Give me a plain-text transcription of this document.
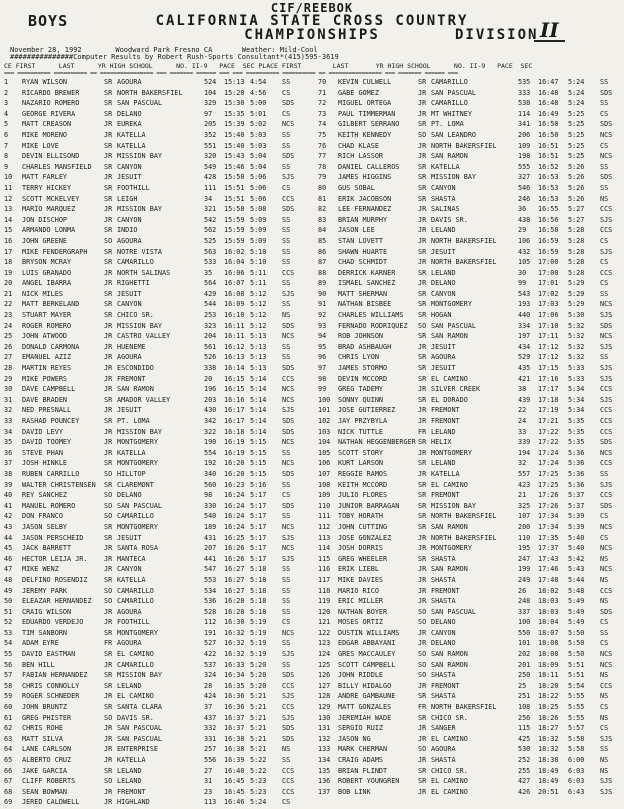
BOYS
CIF/REEBOK
CALIFORNIA STATE CROSS COUNTRY
CHAMPIONSHIPS	DIVISION II
November 28, 1992        Woodward Park Fresno CA       Weather: Mild-Cool
###############Computer Results by Robert Rush-Sports Consultant*(415)595-3619
CE FIRST      LAST      YR HIGH SCHOOL      NO. II-9   PACE  SEC PLACE FIRST        LAST       YR HIGH SCHOOL      NO. II-9   PACE  SEC
=== ========== ========== == ================ === ======= ====== === === ========== ========== == ================ === ======= ====== ===
1 RYAN WILSON	SR AGOURA	524 15:13 4:54 SS
2 RICARDO BREWER	SR NORTH BAKERSFIEL	104 15:20 4:56 CS
3 NAZARIO ROMERO	SR SAN PASCUAL	329 15:30 5:00 SDS
4 GEORGE RIVERA	SR DELANO	97 15:35 5:01 CS
5 MATT CREASON	JR EUREKA	205 15:39 5:02 NCS
6 MIKE MORENO	JR KATELLA	352 15:40 5:03 SS
7 MIKE LOVE	SR KATELLA	551 15:40 5:03 SS
8 DEVIN ELLISOND	JR MISSION BAY	320 15:43 5:04 SDS
9 CHARLES MANSFIELD SR CANYON	549 15:46 5:04 SS
10 MATT FARLEY	JR JESUIT	428 15:50 5:06 SJS
11 TERRY HICKEY	SR FOOTHILL	111 15:51 5:06 CS
12 SCOTT MCKELVEY	SR LEIGH	34 15:51 5:06 CCS
13 MARIO MARQUEZ	JR MISSION BAY	321 15:58 5:08 SDS
14 JON DISCHOP	JR CANYON	542 15:59 5:09 SS
15 ARMANDO LONMA	SR INDIO	562 15:59 5:09 SS
16 JOHN GREENE	SO AGOURA	525 15:59 5:09 SS
17 MIKE FENDERGRAPH SR NOTRE VISTA	563 16:02 5:10 SS
18 BRYSON MCRAY	SR CAMARILLO	533 16:04 5:10 SS
19 LUIS GRANADO	JR NORTH SALINAS	35 16:06 5:11 CCS
20 ANGEL IBARRA	JR RIGHETTI	564 16:07 5:11 SS
21 NICK MILES	SR JESUIT	429 16:08 5:12 SJS
22 MATT BERKELAND	SR CANYON	544 16:09 5:12 SS
23 STUART MAYER	SR CHICO SR.	253 16:10 5:12 NS
24 ROGER ROMERO	JR MISSION BAY	323 16:11 5:12 SDS
25 JOHN ATWOOD	JR CASTRO VALLEY	204 16:11 5:13 NCS
26 DONALD CARMONA	JR HUENEME	561 16:12 5:13 SS
27 EMANUEL AZIZ	JR AGOURA	526 16:13 5:13 SS
28 MARTIN REYES	JR ESCONDIDO	338 16:14 5:13 SDS
29 MIKE POWERS	JR FREMONT	20 16:15 5:14 CCS
30 DAVE CAMPBELL	JR SAN RAMON	196 16:15 5:14 NCS
31 DAVE BRADEN	SR AMADOR VALLEY	203 16:16 5:14 NCS
32 NED PRESNALL	JR JESUIT	430 16:17 5:14 SJS
33 RASHAD POUNCEY	SR PT. LOMA	342 16:17 5:14 SDS
34 DAVID LEVY	JR MISSION BAY	322 16:18 5:14 SDS
35 DAVID TOOMEY	JR MONTGOMERY	190 16:19 5:15 NCS
36 STEVE PHAN	JR KATELLA	554 16:19 5:15 SS
37 JOSH HINKLE	SR MONTGOMERY	192 16:20 5:15 NCS
38 RUBEN CARRILLO	SO HILLTOP	340 16:20 5:15 SDS
39 WALTER CHRISTENSEN SR CLAREMONT	560 16:23 5:16 SS
40 REY SANCHEZ	SO DELANO	98 16:24 5:17 CS
41 MANUEL ROMERO	SO SAN PASCUAL	330 16:24 5:17 SDS
42 DON FRANCO	SO CAMARILLO	540 16:24 5:17 SS
43 JASON SELBY	SR MONTGOMERY	189 16:24 5:17 NCS
44 JASON PERSCHEID	SR JESUIT	431 16:25 5:17 SJS
45 JACK BARRETT	JR SANTA ROSA	207 16:26 5:17 NCS
46 HECTOR LEIJA JR. JR MANTECA	441 16:26 5:17 SJS
47 MIKE WENZ	JR CANYON	547 16:27 5:18 SS
48 DELFINO ROSENDIZ SR KATELLA	553 16:27 5:18 SS
49 JEREMY PARK	SO CAMARILLO	534 16:27 5:18 SS
50 ELEAZAR HERNANDEZ SO CAMARILLO	536 16:28 5:18 SS
51 CRAIG WILSON	JR AGOURA	528 16:28 5:18 SS
52 EDUARDO VERDEJO	JR FOOTHILL	112 16:30 5:19 CS
53 TIM SANBORN	SR MONTGOMERY	191 16:32 5:19 NCS
54 ADAM EYRE	FR AGOURA	527 16:32 5:19 SS
55 DAVID EASTMAN	SR EL CAMINO	422 16:32 5:19 SJS
56 BEN HILL	JR CAMARILLO	537 16:33 5:20 SS
57 FABIAN HERNANDEZ SR MISSION BAY	324 16:34 5:20 SDS
58 CHRIS CONNOLLY	SR LELAND	28 16:35 5:20 CCS
59 ROGER SCHNEDER	JR EL CAMINO	424 16:36 5:21 SJS
60 JOHN BRUNTZ	SR SANTA CLARA	37 16:36 5:21 CCS
61 GREG PHISTER	SO DAVIS SR.	437 16:37 5:21 SJS
62 CHRIS ROHE	JR SAN PASCUAL	332 16:37 5:21 SDS
63 MATT SILVA	JR SAN PASCUAL	331 16:38 5:21 SDS
64 LANE CARLSON	JR ENTERPRISE	257 16:38 5:21 NS
65 ALBERTO CRUZ	JR KATELLA	556 16:39 5:22 SS
66 JAKE GARCIA	SR LELAND	27 16:40 5:22 CCS
67 CLIFF ROBERTS	SO LELAND	31 16:45 5:23 CCS
68 SEAN BOWMAN	JR FREMONT	23 16:45 5:23 CCS
69 JERED CALDWELL	JR HIGHLAND	113 16:46 5:24 CS
70 KEVIN CULWELL	SR CAMARILLO	535 16:47 5:24 SS
71 GABE GOMEZ	JR SAN PASCUAL	333 16:48 5:24 SDS
72 MIGUEL ORTEGA	JR CAMARILLO	538 16:48 5:24 SS
73 PAUL TIMMERMAN	JR MT WHITNEY	114 16:49 5:25 CS
74 GILBERT SERRANO	SR PT. LOMA	341 16:50 5:25 SDS
75 KEITH KENNEDY	SO SAN LEANDRO	206 16:50 5:25 NCS
76 CHAD KLASE	JR NORTH BAKERSFIEL	109 16:51 5:25 CS
77 RICH LASSOR	JR SAN RAMON	198 16:51 5:25 NCS
78 DANIEL CALLEROS	SR KATELLA	555 16:52 5:26 SS
79 JAMES HIGGINS	SR MISSION BAY	327 16:53 5:26 SDS
80 GUS SOBAL	SR CANYON	546 16:53 5:26 SS
81 ERIK JACOBSON	SR SHASTA	246 16:53 5:26 NS
82 LEE FERNANDEZ	JR SALINAS	36 16:55 5:27 CCS
83 BRIAN MURPHY	JR DAVIS SR.	438 16:56 5:27 SJS
84 JASON LEE	JR LELAND	29 16:58 5:28 CCS
85 STAN LOVETT	JR NORTH BAKERSFIEL	106 16:59 5:28 CS
86 SHAWN HUARTE	SR JESUIT	432 16:59 5:28 SJS
87 CHAD SCHMIDT	JR NORTH BAKERSFIEL	105 17:00 5:28 CS
88 DERRICK KARNER	SR LELAND	30 17:00 5:28 CCS
89 ISMAEL SANCHEZ	JR DELANO	99 17:01 5:29 CS
90 MATT SHERMAN	SR CANYON	543 17:02 5:29 SS
91 NATHAN BISBEE	SR MONTGOMERY	193 17:03 5:29 NCS
92 CHARLES WILLIAMS SR HOGAN	440 17:06 5:30 SJS
93 FERNADO RODRIQUEZ SO SAN PASCUAL	334 17:10 5:32 SDS
94 ROB JOHNSON	SR SAN RAMON	197 17:11 5:32 NCS
95 BRAD ASHBAUGH	JR JESUIT	434 17:12 5:32 SJS
96 CHRIS LYON	SR AGOURA	529 17:12 5:32 SS
97 JAMES STORMO	SR JESUIT	435 17:15 5:33 SJS
98 DEVIN MCCORD	SR EL CAMINO	421 17:16 5:33 SJS
99 GREG TADEMY	JR SILVER CREEK	38 17:17 5:34 CCS
100 SONNY QUINN	SR EL DORADO	439 17:18 5:34 SJS
101 JOSE GUTIERREZ	JR FREMONT	22 17:19 5:34 CCS
102 JAY PRZYBYLA	JR FREMONT	24 17:21 5:35 CCS
103 NICK TUTTLE	FR LELAND	33 17:22 5:35 CCS
104 NATHAN HEGGENBERGER SR HELIX	339 17:22 5:35 SDS
105 SCOTT STORY	JR MONTGOMERY	194 17:24 5:36 NCS
106 KURT LARSON	SR LELAND	32 17:24 5:36 CCS
107 REGGIE RAMOS	JR KATELLA	557 17:25 5:36 SS
108 KEITH MCCORD	SR EL CAMINO	423 17:25 5:36 SJS
109 JULIO FLORES	SR FREMONT	21 17:26 5:37 CCS
110 JUNIOR BARRAGAN	SR MISSION BAY	325 17:26 5:37 SDS
111 TOBY HORATH	SR NORTH BAKERSFIEL	107 17:34 5:39 CS
112 JOHN CUTTING	SR SAN RAMON	200 17:34 5:39 NCS
113 JOSE GONZALEZ	JR NORTH BAKERSFIEL	110 17:35 5:40 CS
114 JOSH DORRIS	JR MONTGOMERY	195 17:37 5:40 NCS
115 GREG WHEELER	SR SHASTA	247 17:43 5:42 NS
116 ERIK LIEBL	JR SAN RAMON	199 17:46 5:43 NCS
117 MIKE DAVIES	JR SHASTA	249 17:48 5:44 NS
118 MARIO RICO	JR FREMONT	26 18:02 5:48 CCS
119 ERIC MILLER	JR SHASTA	248 18:03 5:49 NS
120 NATHAN BOYER	SO SAN PASCUAL	337 18:03 5:49 SDS
121 MOSES ORTIZ	SO DELANO	100 18:04 5:49 CS
122 DUSTIN WILLIAMS	JR CANYON	550 18:07 5:50 SS
123 EDGAR ABBAYANI	JR DELANO	101 18:08 5:50 CS
124 GRES MACCAULEY	SO SAN RAMON	202 18:08 5:50 NCS
125 SCOTT CAMPBELL	SO SAN RAMON	201 18:09 5:51 NCS
126 JOHN RIDDLE	SO SHASTA	250 18:11 5:51 NS
127 BILLY HIDALGO	JR FREMONT	25 18:20 5:54 CCS
128 ANDRE GAMBAUNE	SR SHASTA	251 18:22 5:55 NS
129 MATT GONZALES	FR NORTH BAKERSFIEL	108 18:25 5:55 CS
130 JEREMIAH WADE	SR CHICO SR.	256 18:26 5:55 NS
131 SERGIO RUIZ	JR SANGER	115 18:27 5:57 CS
132 JASON NG	JR EL CAMINO	425 18:32 5:58 SJS
133 MARK CHERMAN	SO AGOURA	530 18:32 5:58 SS
134 CRAIG ADAMS	JR SHASTA	252 18:38 6:00 NS
135 BRIAN FLINDT	SR CHICO SR.	255 18:49 6:03 NS
136 ROBERT YOUNGREN	SR EL CAMINO	427 18:49 6:03 SJS
137 BOB LINK	JR EL CAMINO	426 20:51 6:43 SJS
